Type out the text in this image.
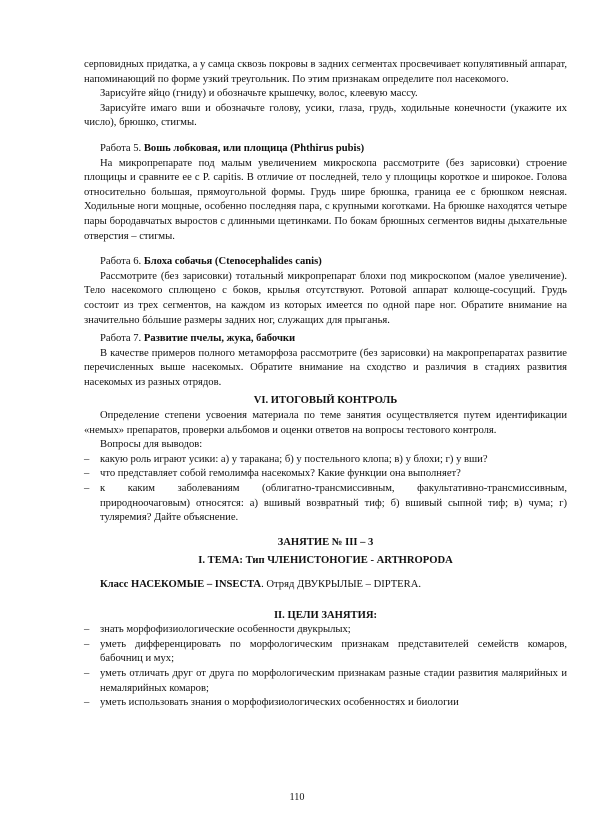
серповидных придатка, а у самца сквозь покровы в задних сегментах просвечивает копулятивный аппарат, напоминающий по форме узкий треугольник. По этим признакам определите пол насекомого.

Зарисуйте яйцо (гниду) и обозначьте крышечку, волос, клеевую массу.

Зарисуйте имаго вши и обозначьте голову, усики, глаза, грудь, ходильные конечности (укажите их число), брюшко, стигмы.

Работа 5. Вошь лобковая, или площица (Phthirus pubis)

На микропрепарате под малым увеличением микроскопа рассмотрите (без зарисовки) строение площицы и сравните ее с P. capitis. В отличие от последней, тело у площицы короткое и широкое. Голова относительно большая, прямоугольной формы. Грудь шире брюшка, граница ее с брюшком неясная. Ходильные ноги мощные, особенно последняя пара, с крупными коготками. На брюшке находятся четыре пары бородавчатых выростов с длинными щетинками. По бокам брюшных сегментов видны дыхательные отверстия – стигмы.

Работа 6. Блоха собачья (Ctenocephalides canis)

Рассмотрите (без зарисовки) тотальный микропрепарат блохи под микроскопом (малое увеличение). Тело насекомого сплющено с боков, крылья отсутствуют. Ротовой аппарат колюще-сосущий. Грудь состоит из трех сегментов, на каждом из которых имеется по одной паре ног. Обратите внимание на значительно бóльшие размеры задних ног, служащих для прыганья.

Работа 7. Развитие пчелы, жука, бабочки

В качестве примеров полного метаморфоза рассмотрите (без зарисовки) на макропрепаратах развитие перечисленных выше насекомых. Обратите внимание на сходство и различия в стадиях развития насекомых из разных отрядов.

VI. ИТОГОВЫЙ КОНТРОЛЬ

Определение степени усвоения материала по теме занятия осуществляется путем идентификации «немых» препаратов, проверки альбомов и оценки ответов на вопросы тестового контроля.

Вопросы для выводов:

–	какую роль играют усики: а) у таракана; б) у постельного клопа; в) у блохи; г) у вши?
–	что представляет собой гемолимфа насекомых? Какие функции она выполняет?
–	к каким заболеваниям (облигатно-трансмиссивным, факультативно-трансмиссивным, природноочаговым) относятся: а) вшивый возвратный тиф; б) вшивый сыпной тиф; в) чума; г) туляремия? Дайте объяснение.

ЗАНЯТИЕ № III – 3

I. ТЕМА: Тип ЧЛЕНИСТОНОГИЕ - ARTHROPODA

Класс НАСЕКОМЫЕ – INSECTA. Отряд ДВУКРЫЛЫЕ – DIPTERA.

II. ЦЕЛИ ЗАНЯТИЯ:

–	знать морфофизиологические особенности двукрылых;
–	уметь дифференцировать по морфологическим признакам представителей семейств комаров, бабочниц и мух;
–	уметь отличать друг от друга по морфологическим признакам разные стадии развития малярийных и немалярийных комаров;
–	уметь использовать знания о морфофизиологических особенностях и биологии
110
